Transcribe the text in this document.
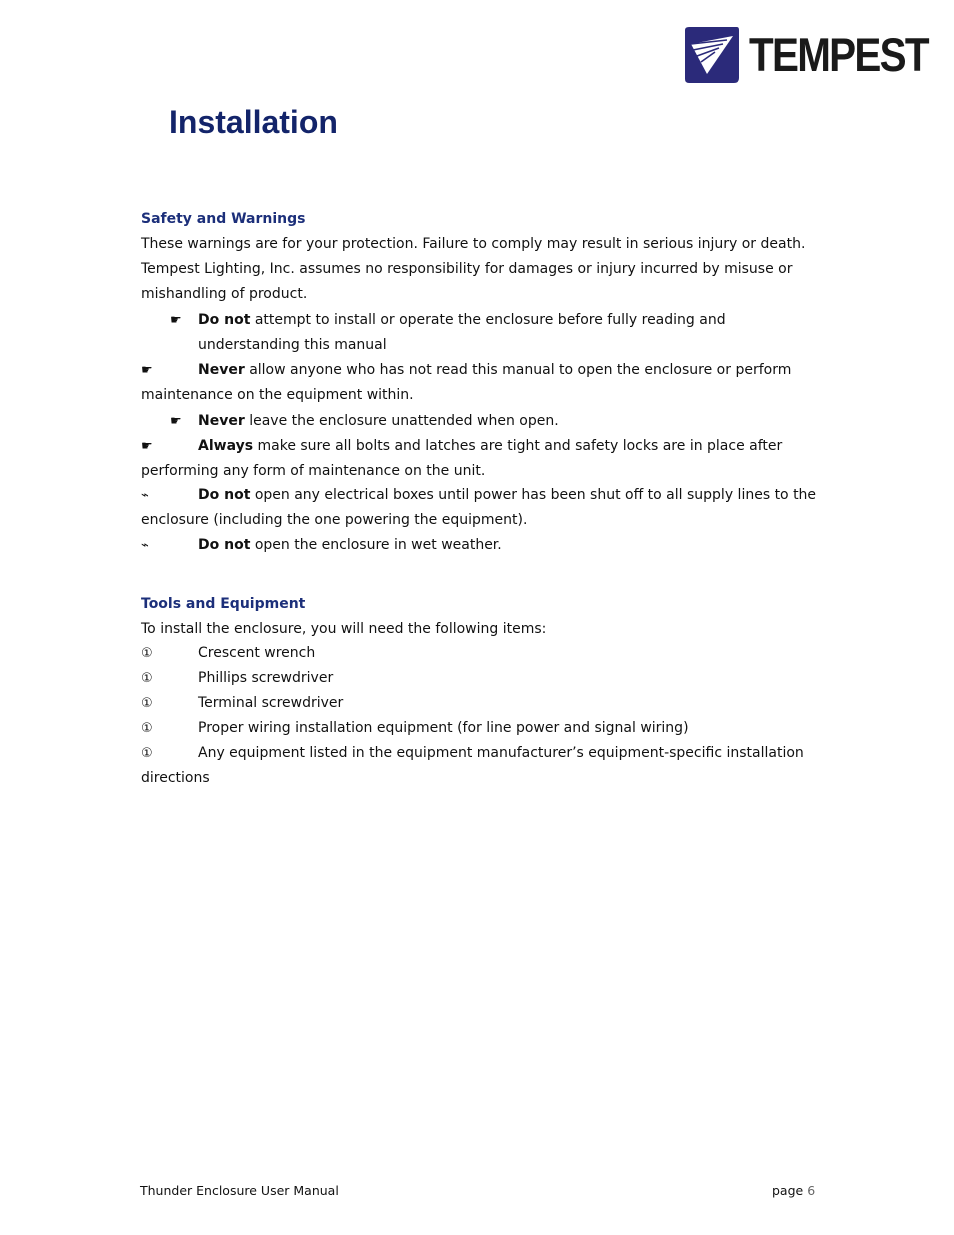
TEMPEST
Installation
Safety and Warnings

These warnings are for your protection. Failure to comply may result in serious injury or death. Tempest Lighting, Inc. assumes no responsibility for damages or injury incurred by misuse or mishandling of product.

☛	Do not attempt to install or operate the enclosure before fully reading and understanding this manual
☛	Never allow anyone who has not read this manual to open the enclosure or perform maintenance on the equipment within.
☛	Never leave the enclosure unattended when open.
☛	Always make sure all bolts and latches are tight and safety locks are in place after performing any form of maintenance on the unit.
⌁	Do not open any electrical boxes until power has been shut off to all supply lines to the enclosure (including the one powering the equipment).
⌁	Do not open the enclosure in wet weather.
Tools and Equipment

To install the enclosure, you will need the following items:

①	Crescent wrench
①	Phillips screwdriver
①	Terminal screwdriver
①	Proper wiring installation equipment (for line power and signal wiring)
①	Any equipment listed in the equipment manufacturer’s equipment-specific installation directions
Thunder Enclosure User Manual	page 6
